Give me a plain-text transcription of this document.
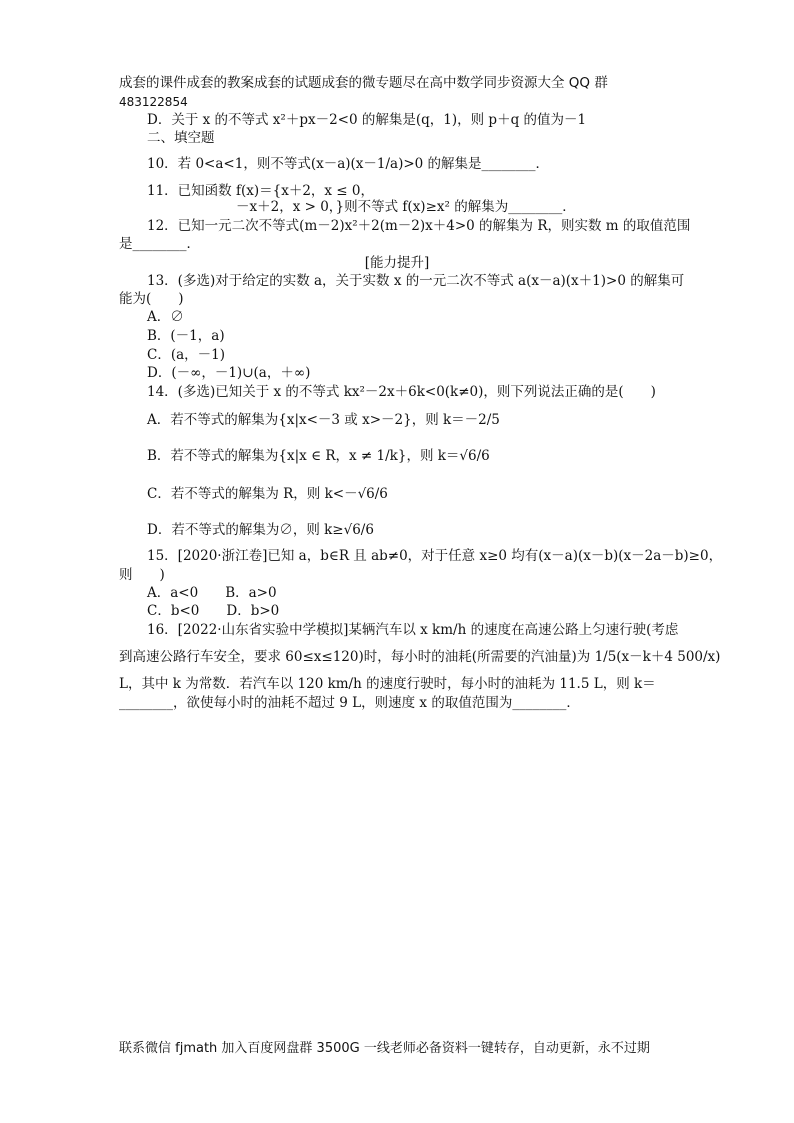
成套的课件成套的教案成套的试题成套的微专题尽在高中数学同步资源大全 QQ 群
483122854
D．关于 x 的不等式 x²＋px－2<0 的解集是(q，1)，则 p＋q 的值为－1
二、填空题
10．若 0<a<1，则不等式(x－a)(x－1/a)>0 的解集是________．
11．已知函数 f(x)＝{x＋2，x ≤ 0，
－x＋2，x > 0，}则不等式 f(x)≥x² 的解集为________．
12．已知一元二次不等式(m－2)x²＋2(m－2)x＋4>0 的解集为 R，则实数 m 的取值范围
是________．
[能力提升]
13．(多选)对于给定的实数 a，关于实数 x 的一元二次不等式 a(x－a)(x＋1)>0 的解集可
能为(　　)
A．∅
B．(－1，a)
C．(a，－1)
D．(－∞，－1)∪(a，＋∞)
14．(多选)已知关于 x 的不等式 kx²－2x＋6k<0(k≠0)，则下列说法正确的是(　　)
A．若不等式的解集为{x|x<－3 或 x>－2}，则 k＝－2/5
B．若不等式的解集为{x|x ∈ R，x ≠ 1/k}，则 k＝√6/6
C．若不等式的解集为 R，则 k<－√6/6
D．若不等式的解集为∅，则 k≥√6/6
15．[2020·浙江卷]已知 a，b∈R 且 ab≠0，对于任意 x≥0 均有(x－a)(x－b)(x－2a－b)≥0，
则　　)
A．a<0　　B．a>0
C．b<0　　D．b>0
16．[2022·山东省实验中学模拟]某辆汽车以 x km/h 的速度在高速公路上匀速行驶(考虑
到高速公路行车安全，要求 60≤x≤120)时，每小时的油耗(所需要的汽油量)为 1/5(x－k＋4 500/x)
L，其中 k 为常数．若汽车以 120 km/h 的速度行驶时，每小时的油耗为 11.5 L，则 k＝
________，欲使每小时的油耗不超过 9 L，则速度 x 的取值范围为________．
联系微信 fjmath 加入百度网盘群 3500G 一线老师必备资料一键转存，自动更新，永不过期
